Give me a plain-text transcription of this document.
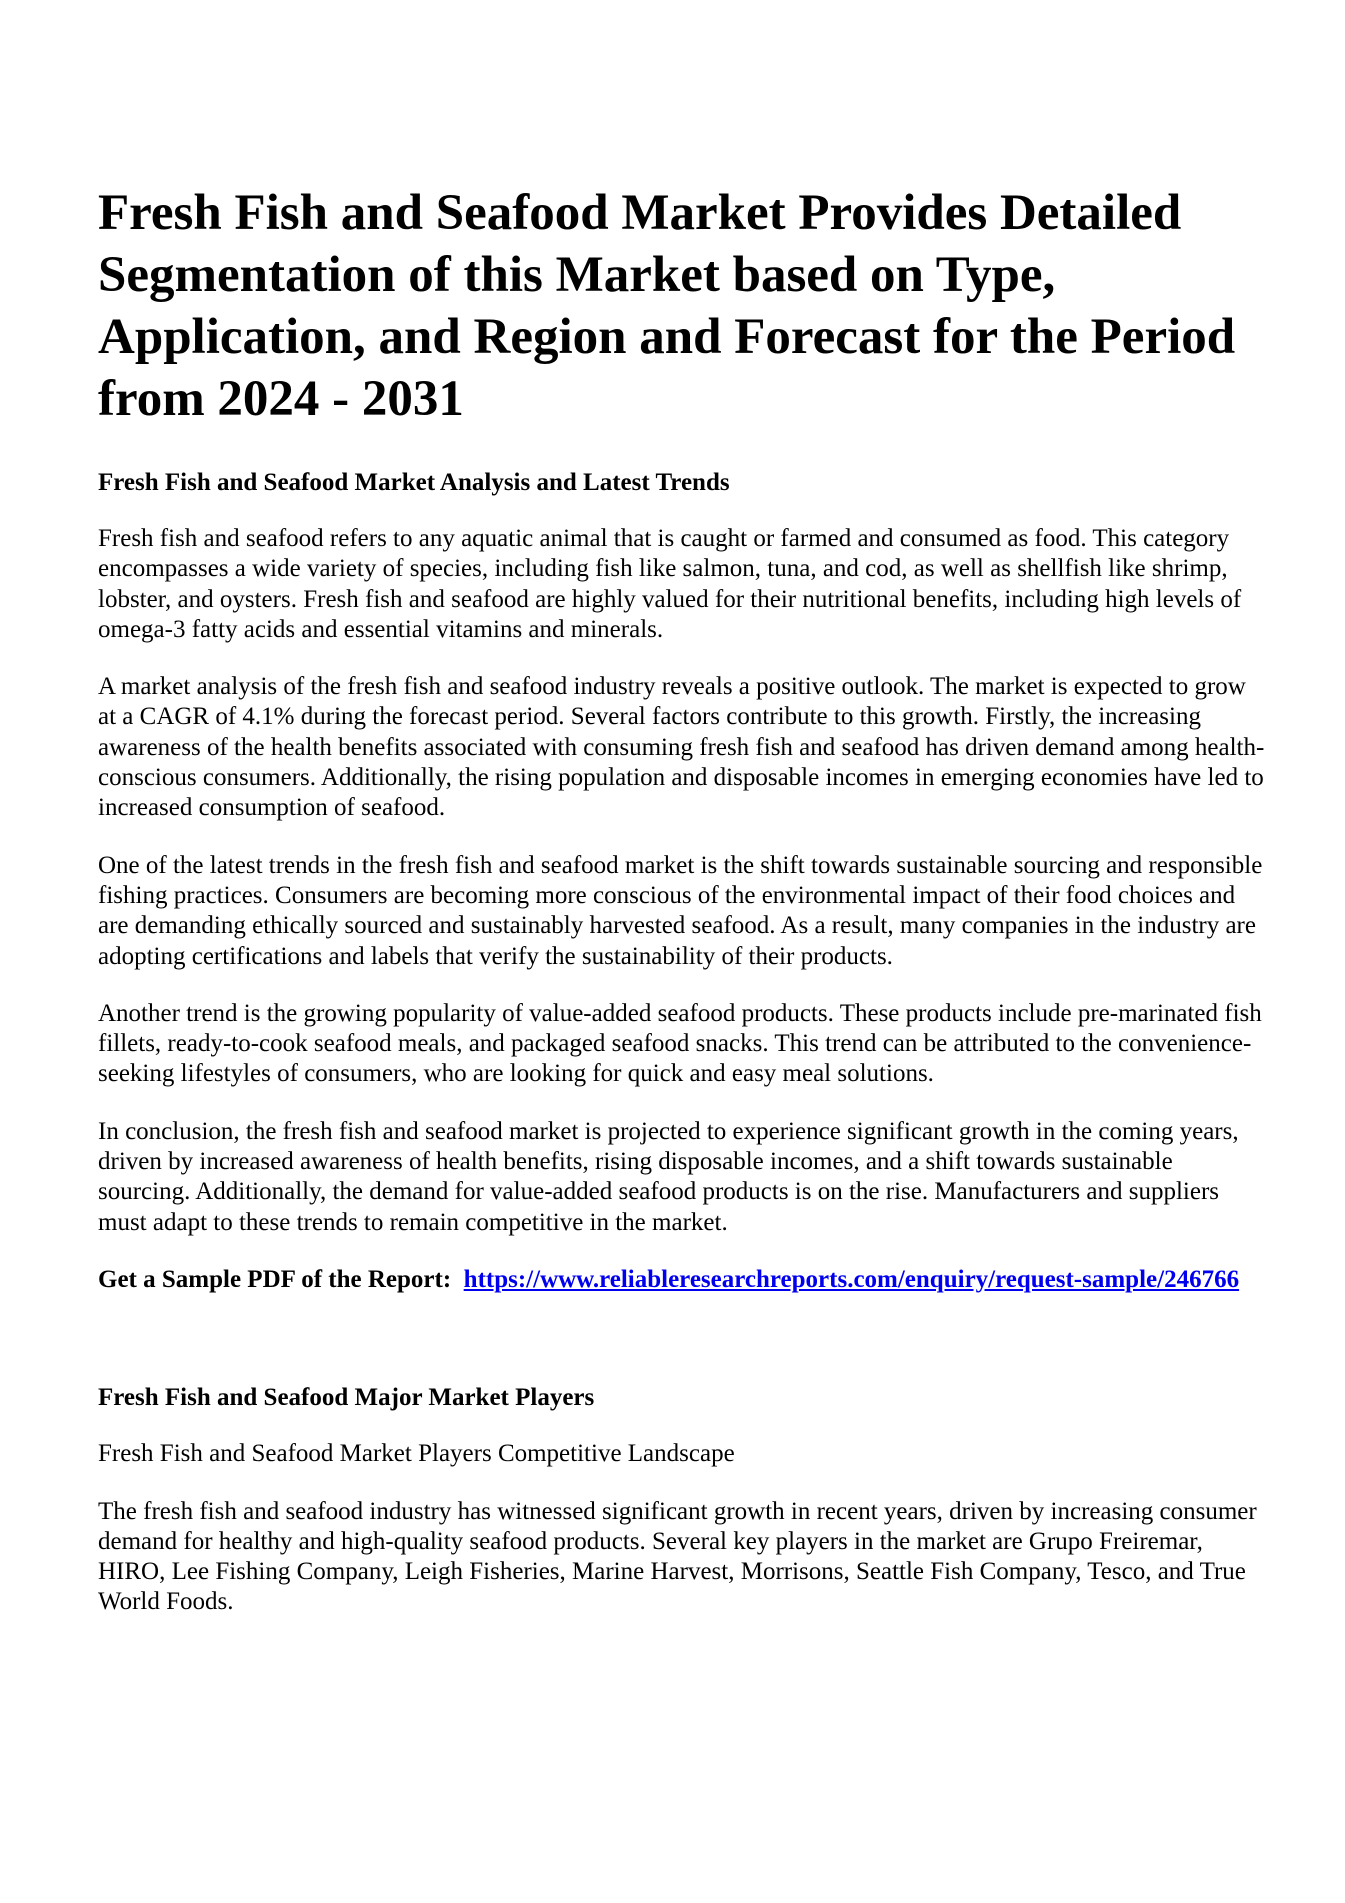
Fresh Fish and Seafood Market Provides Detailed Segmentation of this Market based on Type, Application, and Region and Forecast for the Period from 2024 - 2031
Fresh Fish and Seafood Market Analysis and Latest Trends

Fresh fish and seafood refers to any aquatic animal that is caught or farmed and consumed as food. This category encompasses a wide variety of species, including fish like salmon, tuna, and cod, as well as shellfish like shrimp, lobster, and oysters. Fresh fish and seafood are highly valued for their nutritional benefits, including high levels of omega-3 fatty acids and essential vitamins and minerals.

A market analysis of the fresh fish and seafood industry reveals a positive outlook. The market is expected to grow at a CAGR of 4.1% during the forecast period. Several factors contribute to this growth. Firstly, the increasing awareness of the health benefits associated with consuming fresh fish and seafood has driven demand among health-conscious consumers. Additionally, the rising population and disposable incomes in emerging economies have led to increased consumption of seafood.

One of the latest trends in the fresh fish and seafood market is the shift towards sustainable sourcing and responsible fishing practices. Consumers are becoming more conscious of the environmental impact of their food choices and are demanding ethically sourced and sustainably harvested seafood. As a result, many companies in the industry are adopting certifications and labels that verify the sustainability of their products.

Another trend is the growing popularity of value-added seafood products. These products include pre-marinated fish fillets, ready-to-cook seafood meals, and packaged seafood snacks. This trend can be attributed to the convenience-seeking lifestyles of consumers, who are looking for quick and easy meal solutions.

In conclusion, the fresh fish and seafood market is projected to experience significant growth in the coming years, driven by increased awareness of health benefits, rising disposable incomes, and a shift towards sustainable sourcing. Additionally, the demand for value-added seafood products is on the rise. Manufacturers and suppliers must adapt to these trends to remain competitive in the market.

Get a Sample PDF of the Report: https://www.reliableresearchreports.com/enquiry/request-sample/246766

Fresh Fish and Seafood Major Market Players

Fresh Fish and Seafood Market Players Competitive Landscape

The fresh fish and seafood industry has witnessed significant growth in recent years, driven by increasing consumer demand for healthy and high-quality seafood products. Several key players in the market are Grupo Freiremar, HIRO, Lee Fishing Company, Leigh Fisheries, Marine Harvest, Morrisons, Seattle Fish Company, Tesco, and True World Foods.
